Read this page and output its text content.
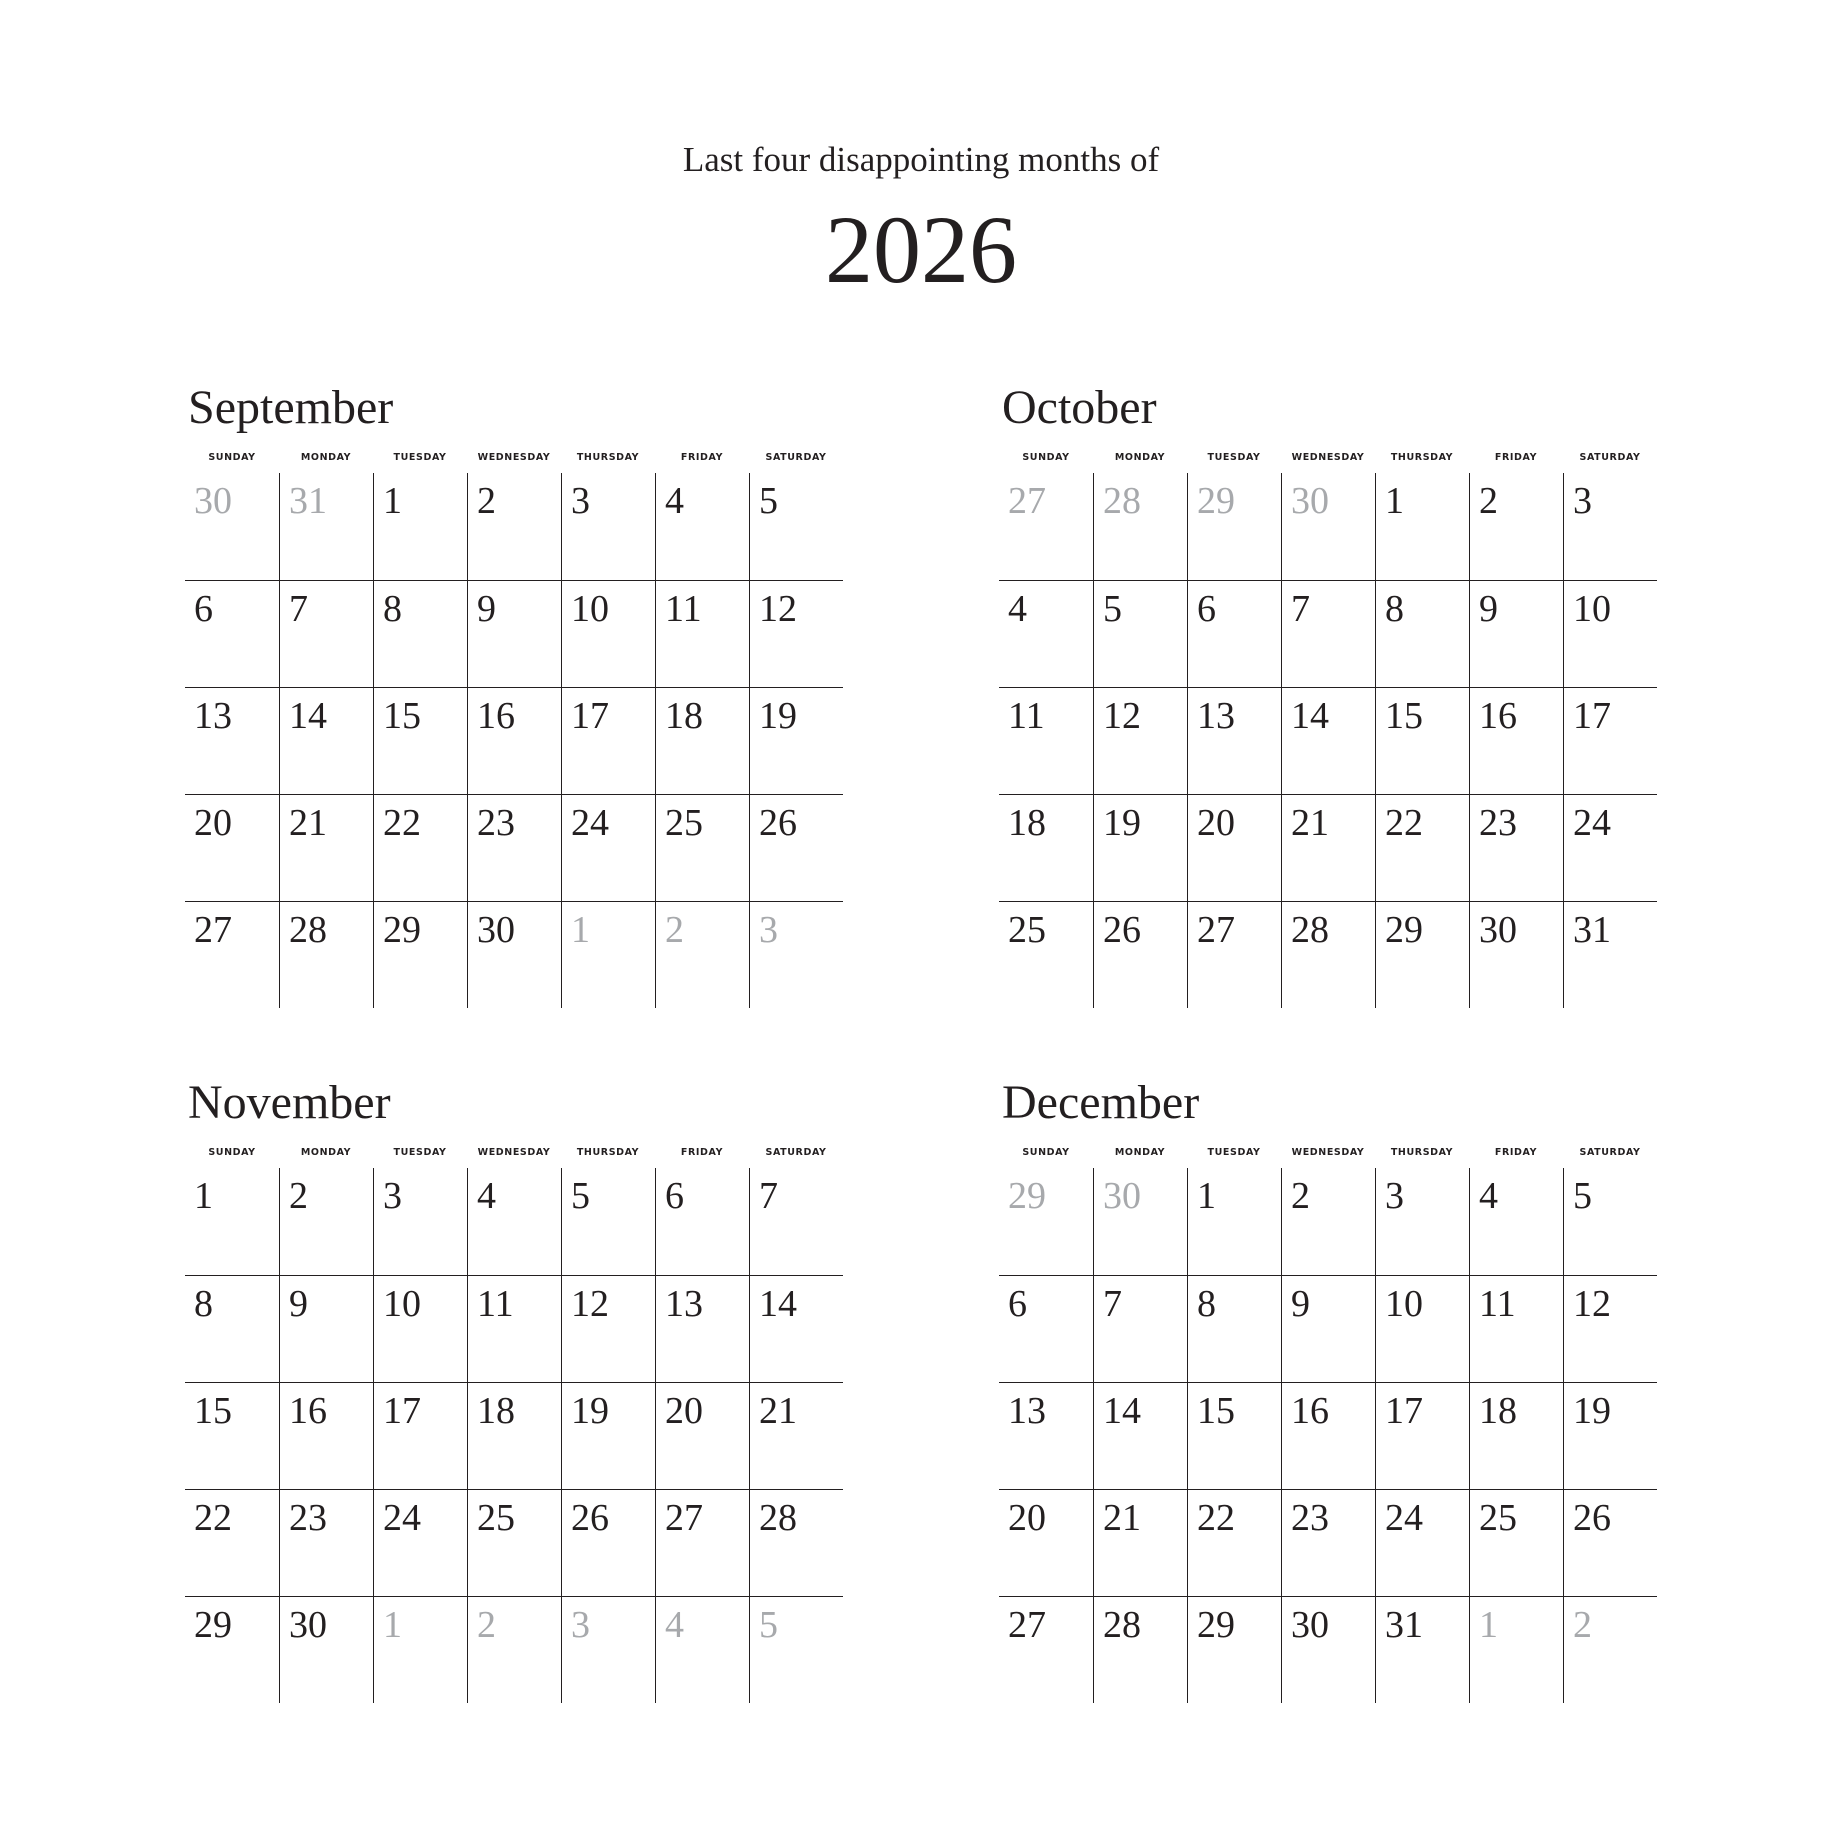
Last four disappointing months of
2026
September
SUNDAY	MONDAY	TUESDAY	WEDNESDAY	THURSDAY	FRIDAY	SATURDAY
30 31 1 2 3 4 5
6 7 8 9 10 11 12
13 14 15 16 17 18 19
20 21 22 23 24 25 26
27 28 29 30 1 2 3
October
SUNDAY	MONDAY	TUESDAY	WEDNESDAY	THURSDAY	FRIDAY	SATURDAY
27 28 29 30 1 2 3
4 5 6 7 8 9 10
11 12 13 14 15 16 17
18 19 20 21 22 23 24
25 26 27 28 29 30 31
November
SUNDAY	MONDAY	TUESDAY	WEDNESDAY	THURSDAY	FRIDAY	SATURDAY
1 2 3 4 5 6 7
8 9 10 11 12 13 14
15 16 17 18 19 20 21
22 23 24 25 26 27 28
29 30 1 2 3 4 5
December
SUNDAY	MONDAY	TUESDAY	WEDNESDAY	THURSDAY	FRIDAY	SATURDAY
29 30 1 2 3 4 5
6 7 8 9 10 11 12
13 14 15 16 17 18 19
20 21 22 23 24 25 26
27 28 29 30 31 1 2
